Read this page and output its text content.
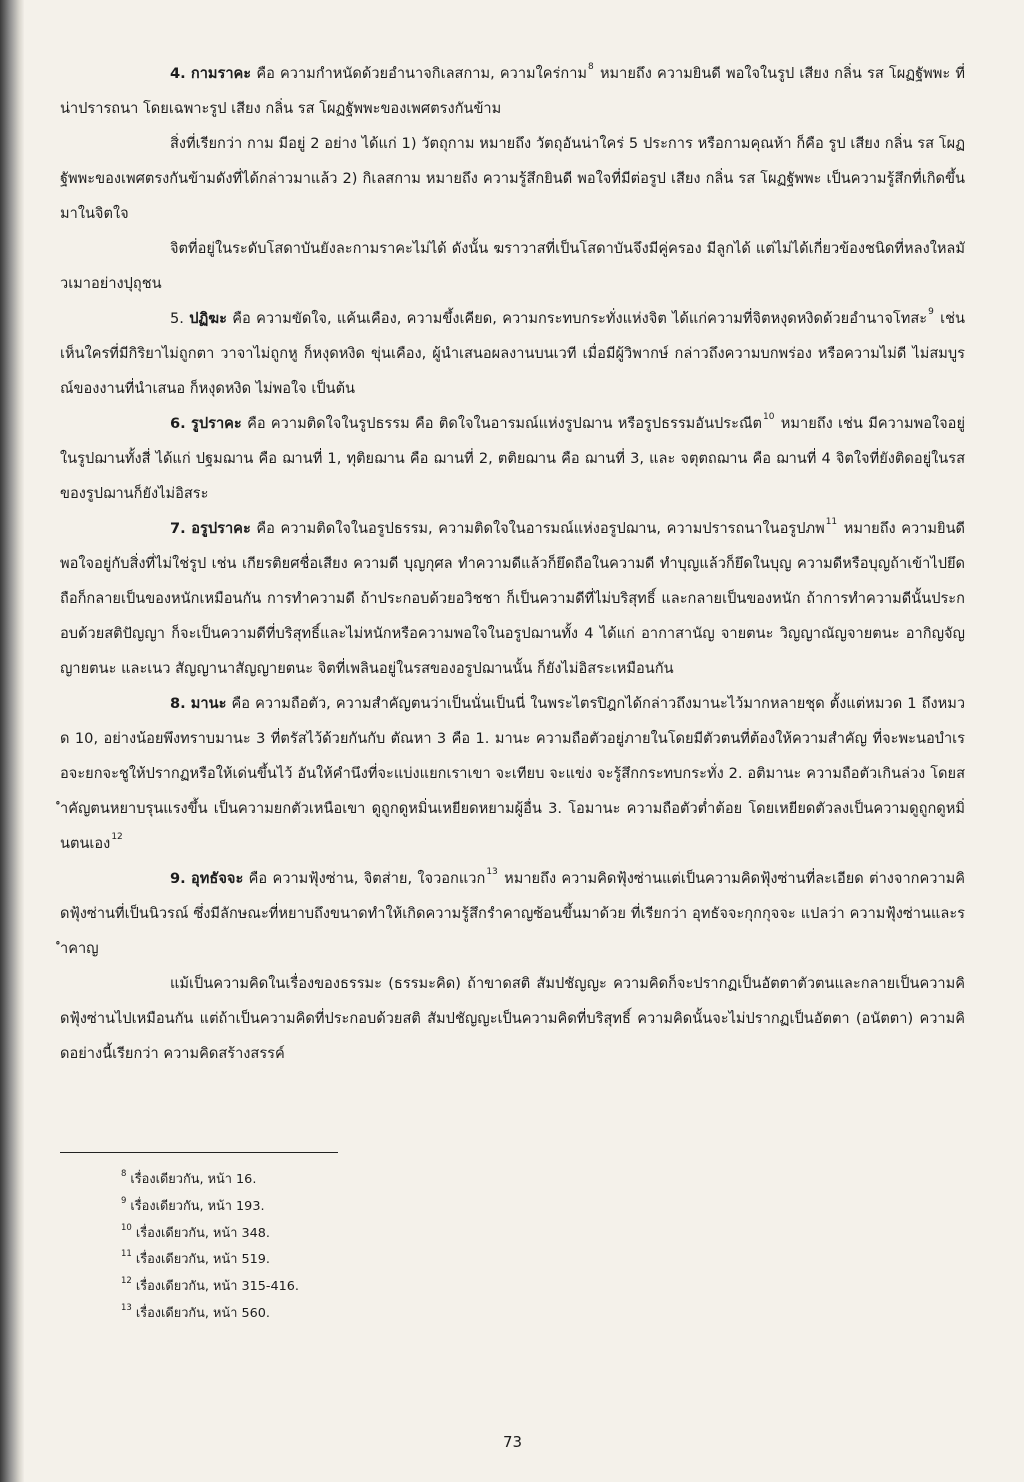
4. กามราคะ คือ ความกำหนัดด้วยอำนาจกิเลสกาม, ความใคร่กาม$^8$ หมายถึง ความยินดี พอใจในรูป เสียง กลิ่น รส โผฏฐัพพะ ที่น่าปรารถนา โดยเฉพาะรูป เสียง กลิ่น รส โผฏฐัพพะของเพศตรงกันข้าม

สิ่งที่เรียกว่า กาม มีอยู่ 2 อย่าง ได้แก่ 1) วัตถุกาม หมายถึง วัตถุอันน่าใคร่ 5 ประการ หรือกามคุณห้า ก็คือ รูป เสียง กลิ่น รส โผฏฐัพพะของเพศตรงกันข้ามดังที่ได้กล่าวมาแล้ว 2) กิเลสกาม หมายถึง ความรู้สึกยินดี พอใจที่มีต่อรูป เสียง กลิ่น รส โผฏฐัพพะ เป็นความรู้สึกที่เกิดขึ้นมาในจิตใจ

จิตที่อยู่ในระดับโสดาบันยังละกามราคะไม่ได้ ดังนั้น ฆราวาสที่เป็นโสดาบันจึงมีคู่ครอง มีลูกได้ แต่ไม่ได้เกี่ยวข้องชนิดที่หลงใหลมัวเมาอย่างปุถุชน

5. ปฏิฆะ คือ ความขัดใจ, แค้นเคือง, ความขึ้งเคียด, ความกระทบกระทั่งแห่งจิต ได้แก่ความที่จิตหงุดหงิดด้วยอำนาจโทสะ$^9$ เช่น เห็นใครที่มีกิริยาไม่ถูกตา วาจาไม่ถูกหู ก็หงุดหงิด ขุ่นเคือง, ผู้นำเสนอผลงานบนเวที เมื่อมีผู้วิพากษ์ กล่าวถึงความบกพร่อง หรือความไม่ดี ไม่สมบูรณ์ของงานที่นำเสนอ ก็หงุดหงิด ไม่พอใจ เป็นต้น

6. รูปราคะ คือ ความติดใจในรูปธรรม คือ ติดใจในอารมณ์แห่งรูปฌาน หรือรูปธรรมอันประณีต$^{10}$ หมายถึง เช่น มีความพอใจอยู่ในรูปฌานทั้งสี่ ได้แก่ ปฐมฌาน คือ ฌานที่ 1, ทุติยฌาน คือ ฌานที่ 2, ตติยฌาน คือ ฌานที่ 3, และ จตุตถฌาน คือ ฌานที่ 4 จิตใจที่ยังติดอยู่ในรสของรูปฌานก็ยังไม่อิสระ

7. อรูปราคะ คือ ความติดใจในอรูปธรรม, ความติดใจในอารมณ์แห่งอรูปฌาน, ความปรารถนาในอรูปภพ$^{11}$ หมายถึง ความยินดี พอใจอยู่กับสิ่งที่ไม่ใช่รูป เช่น เกียรติยศชื่อเสียง ความดี บุญกุศล ทำความดีแล้วก็ยึดถือในความดี ทำบุญแล้วก็ยึดในบุญ ความดีหรือบุญถ้าเข้าไปยึดถือก็กลายเป็นของหนักเหมือนกัน การทำความดี ถ้าประกอบด้วยอวิชชา ก็เป็นความดีที่ไม่บริสุทธิ์ และกลายเป็นของหนัก ถ้าการทำความดีนั้นประกอบด้วยสติปัญญา ก็จะเป็นความดีที่บริสุทธิ์และไม่หนักหรือความพอใจในอรูปฌานทั้ง 4 ได้แก่ อากาสานัญ จายตนะ วิญญาณัญจายตนะ อากิญจัญญายตนะ และเนว สัญญานาสัญญายตนะ จิตที่เพลินอยู่ในรสของอรูปฌานนั้น ก็ยังไม่อิสระเหมือนกัน

8. มานะ คือ ความถือตัว, ความสำคัญตนว่าเป็นนั่นเป็นนี่ ในพระไตรปิฎกได้กล่าวถึงมานะไว้มากหลายชุด ตั้งแต่หมวด 1 ถึงหมวด 10, อย่างน้อยพึงทราบมานะ 3 ที่ตรัสไว้ด้วยกันกับ ตัณหา 3 คือ 1. มานะ ความถือตัวอยู่ภายในโดยมีตัวตนที่ต้องให้ความสำคัญ ที่จะพะนอบำเรอจะยกจะชูให้ปรากฏหรือให้เด่นขึ้นไว้ อันให้คำนึงที่จะแบ่งแยกเราเขา จะเทียบ จะแข่ง จะรู้สึกกระทบกระทั่ง 2. อติมานะ ความถือตัวเกินล่วง โดยสำคัญตนหยาบรุนแรงขึ้น เป็นความยกตัวเหนือเขา ดูถูกดูหมิ่นเหยียดหยามผู้อื่น 3. โอมานะ ความถือตัวต่ำต้อย โดยเหยียดตัวลงเป็นความดูถูกดูหมิ่นตนเอง$^{12}$

9. อุทธัจจะ คือ ความฟุ้งซ่าน, จิตส่าย, ใจวอกแวก$^{13}$ หมายถึง ความคิดฟุ้งซ่านแต่เป็นความคิดฟุ้งซ่านที่ละเอียด ต่างจากความคิดฟุ้งซ่านที่เป็นนิวรณ์ ซึ่งมีลักษณะที่หยาบถึงขนาดทำให้เกิดความรู้สึกรำคาญซ้อนขึ้นมาด้วย ที่เรียกว่า อุทธัจจะกุกกุจจะ แปลว่า ความฟุ้งซ่านและรำคาญ

แม้เป็นความคิดในเรื่องของธรรมะ (ธรรมะคิด) ถ้าขาดสติ สัมปชัญญะ ความคิดก็จะปรากฏเป็นอัตตาตัวตนและกลายเป็นความคิดฟุ้งซ่านไปเหมือนกัน แต่ถ้าเป็นความคิดที่ประกอบด้วยสติ สัมปชัญญะเป็นความคิดที่บริสุทธิ์ ความคิดนั้นจะไม่ปรากฏเป็นอัตตา (อนัตตา) ความคิดอย่างนี้เรียกว่า ความคิดสร้างสรรค์

$^8$ เรื่องเดียวกัน, หน้า 16.
$^9$ เรื่องเดียวกัน, หน้า 193.
$^{10}$ เรื่องเดียวกัน, หน้า 348.
$^{11}$ เรื่องเดียวกัน, หน้า 519.
$^{12}$ เรื่องเดียวกัน, หน้า 315-416.
$^{13}$ เรื่องเดียวกัน, หน้า 560.
73
